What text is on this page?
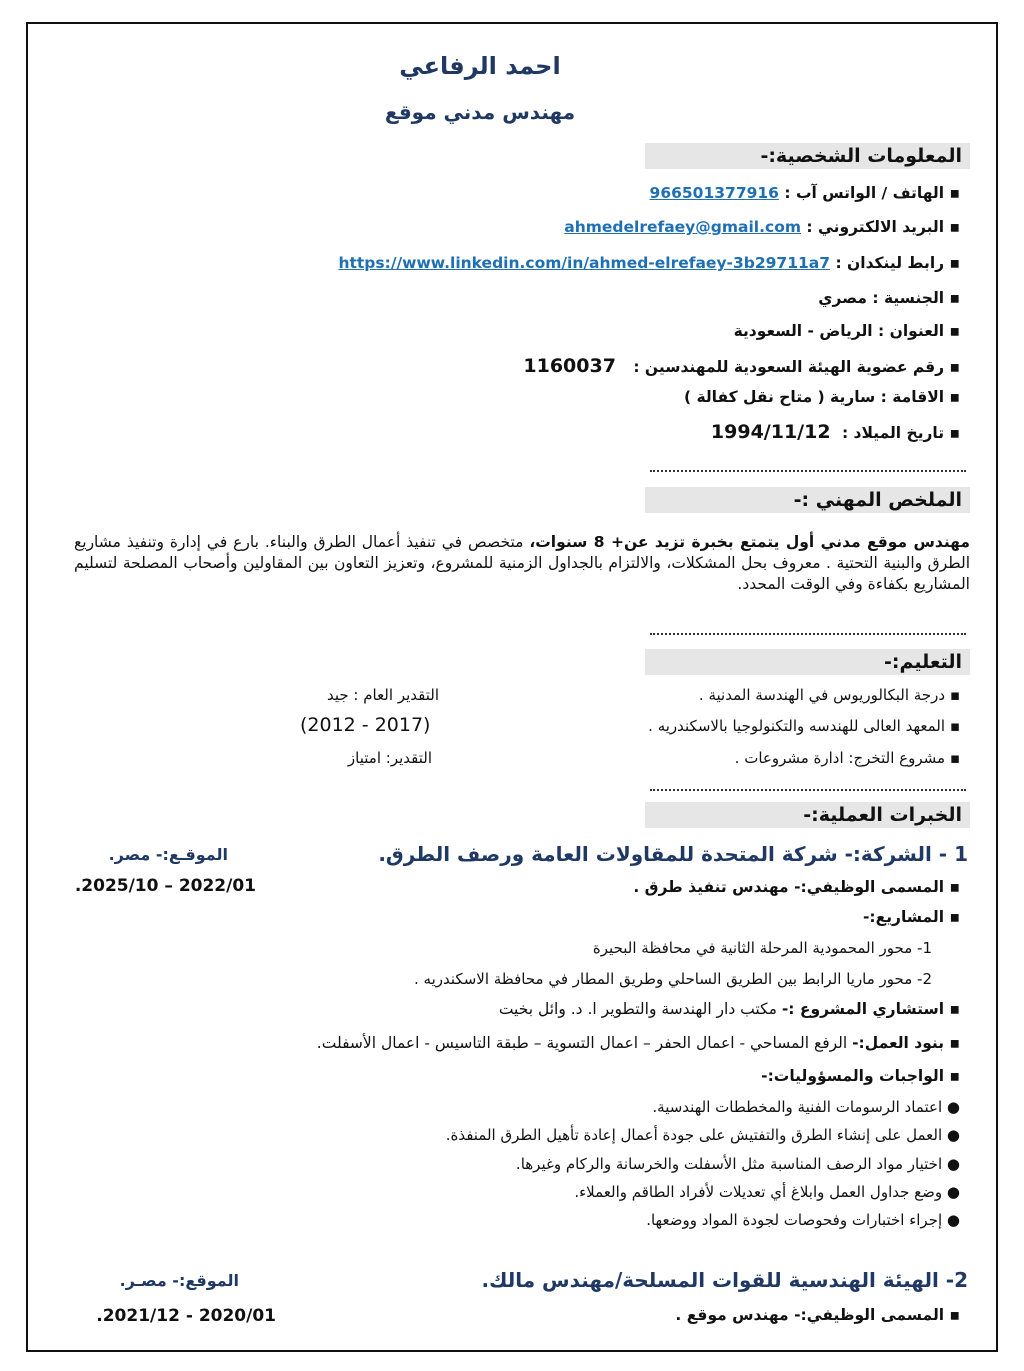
احمد الرفاعي
مهندس مدني موقع
المعلومات الشخصية:-
▪ الهاتف / الواتس آب : 966501377916
▪ البريد الالكتروني : ahmedelrefaey@gmail.com
▪ رابط لينكدان : https://www.linkedin.com/in/ahmed-elrefaey-3b29711a7
▪ الجنسية : مصري
▪ العنوان : الرياض - السعودية
▪ رقم عضوية الهيئة السعودية للمهندسين : 1160037
▪ الاقامة : سارية ( متاح نقل كفالة )
▪ تاريخ الميلاد : 1994/11/12
الملخص المهني :-
مهندس موقع مدني أول يتمتع بخبرة تزيد عن+ 8 سنوات، متخصص في تنفيذ أعمال الطرق والبناء. بارع في إدارة وتنفيذ مشاريع الطرق والبنية التحتية . معروف بحل المشكلات، والالتزام بالجداول الزمنية للمشروع، وتعزيز التعاون بين المقاولين وأصحاب المصلحة لتسليم المشاريع بكفاءة وفي الوقت المحدد.
التعليم:-
▪ درجة البكالوريوس في الهندسة المدنية .
التقدير العام : جيد
▪ المعهد العالى للهندسه والتكنولوجيا بالاسكندريه .
(2012 - 2017)
▪ مشروع التخرج: ادارة مشروعات .
التقدير: امتياز
الخبرات العملية:-
1 - الشركة:- شركة المتحدة للمقاولات العامة ورصف الطرق.
الموقـع:- مصر.
▪ المسمى الوظيفي:- مهندس تنفيذ طرق .
2022/01 – 2025/10.
▪ المشاريع:-
1- محور المحمودية المرحلة الثانية في محافظة البحيرة
2- محور ماريا الرابط بين الطريق الساحلي وطريق المطار في محافظة الاسكندريه .
▪ استشاري المشروع :- مكتب دار الهندسة والتطوير ا. د. وائل بخيت
▪ بنود العمل:- الرفع المساحي - اعمال الحفر – اعمال التسوية – طبقة التاسيس - اعمال الأسفلت.
▪ الواجبات والمسؤوليات:-
● اعتماد الرسومات الفنية والمخططات الهندسية.
● العمل على إنشاء الطرق والتفتيش على جودة أعمال إعادة تأهيل الطرق المنفذة.
● اختيار مواد الرصف المناسبة مثل الأسفلت والخرسانة والركام وغيرها.
● وضع جداول العمل وابلاغ أي تعديلات لأفراد الطاقم والعملاء.
● إجراء اختبارات وفحوصات لجودة المواد ووضعها.
2- الهيئة الهندسية للقوات المسلحة/مهندس مالك.
الموقع:- مصـر.
▪ المسمى الوظيفي:- مهندس موقع .
2020/01 - 2021/12.
